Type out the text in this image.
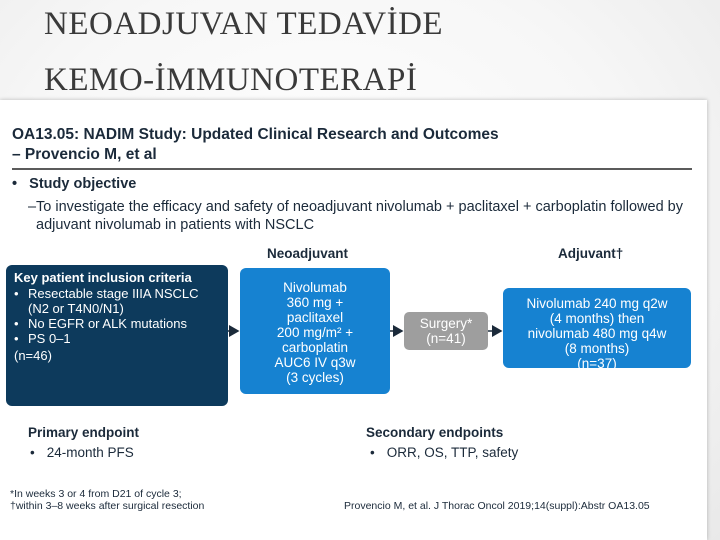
NEOADJUVAN TEDAVİDE
KEMO-İMMUNOTERAPİ
OA13.05: NADIM Study: Updated Clinical Research and Outcomes
– Provencio M, et al
• Study objective
– To investigate the efficacy and safety of neoadjuvant nivolumab + paclitaxel + carboplatin followed by adjuvant nivolumab in patients with NSCLC
Neoadjuvant	Adjuvant†
Key patient inclusion criteria
• Resectable stage IIIA NSCLC (N2 or T4N0/N1)
• No EGFR or ALK mutations
• PS 0–1
(n=46)
Nivolumab
360 mg +
paclitaxel
200 mg/m² +
carboplatin
AUC6 IV q3w
(3 cycles)
Surgery*
(n=41)
Nivolumab 240 mg q2w
(4 months) then
nivolumab 480 mg q4w
(8 months)
(n=37)
Primary endpoint
• 24-month PFS
Secondary endpoints
• ORR, OS, TTP, safety
*In weeks 3 or 4 from D21 of cycle 3;
†within 3–8 weeks after surgical resection	Provencio M, et al. J Thorac Oncol 2019;14(suppl):Abstr OA13.05
